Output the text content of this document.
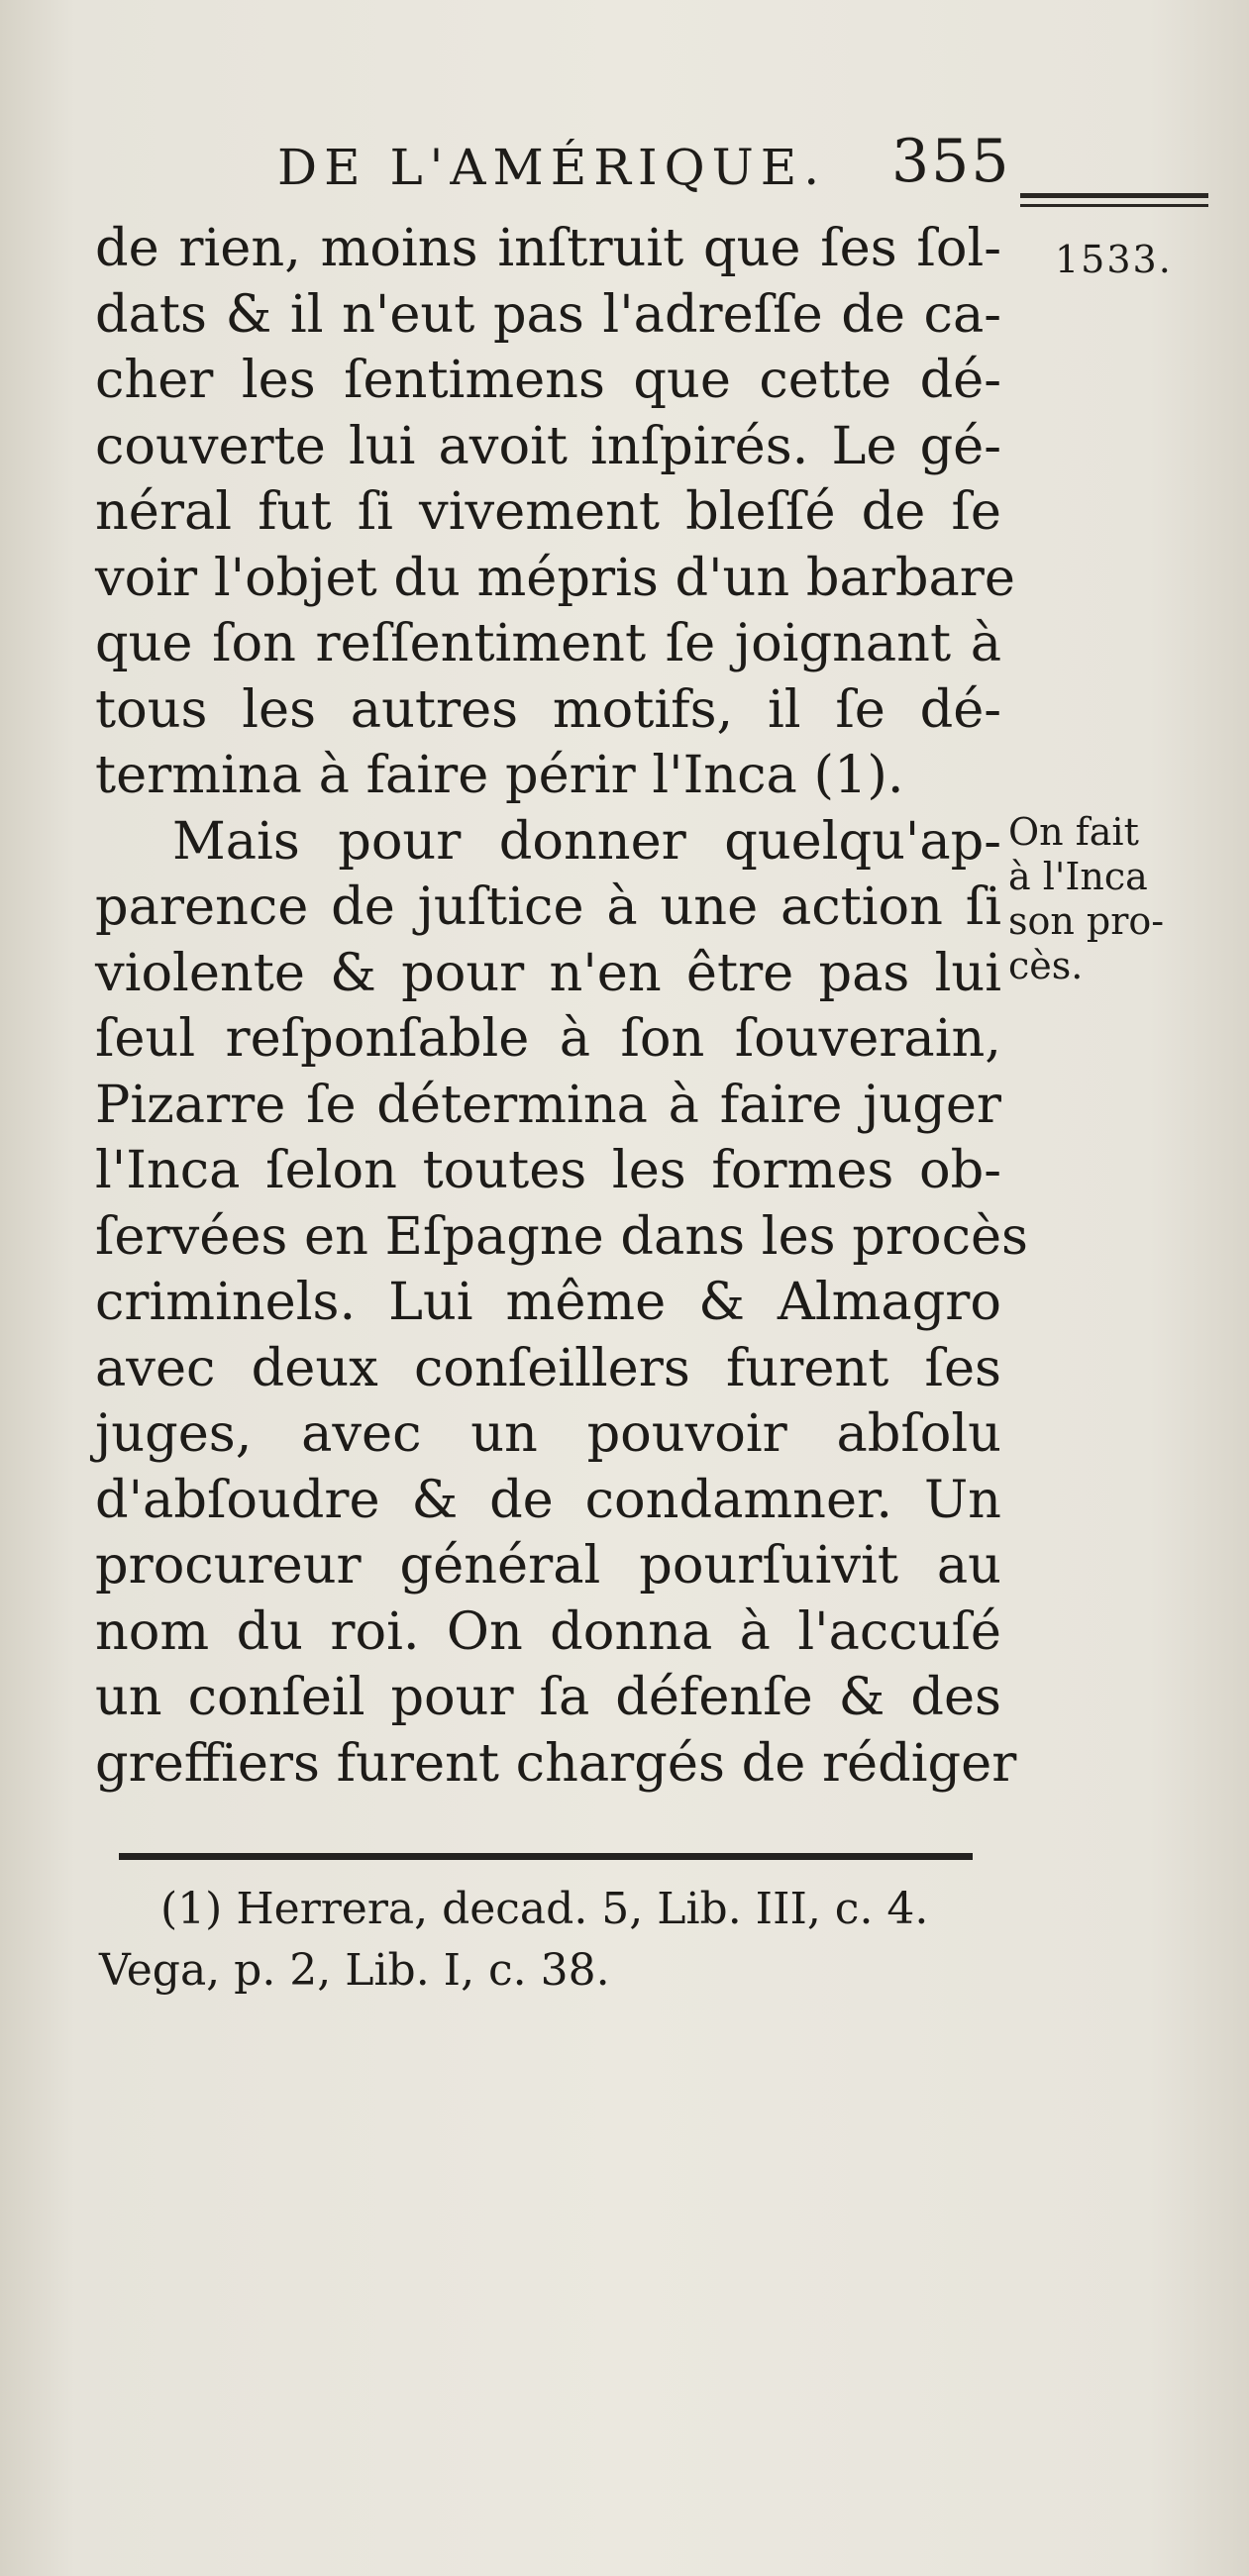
DE L'AMÉRIQUE. 355
1533.
On fait
à l'Inca
son pro-
cès.
de rien, moins inſtruit que ſes ſol-
dats & il n'eut pas l'adreſſe de ca-
cher les ſentimens que cette dé-
couverte lui avoit inſpirés. Le gé-
néral fut ſi vivement bleſſé de ſe
voir l'objet du mépris d'un barbare
que ſon reſſentiment ſe joignant à
tous les autres motifs, il ſe dé-
termina à faire périr l'Inca (1).
Mais pour donner quelqu'ap-
parence de juſtice à une action ſi
violente & pour n'en être pas lui
ſeul reſponſable à ſon ſouverain,
Pizarre ſe détermina à faire juger
l'Inca ſelon toutes les formes ob-
ſervées en Eſpagne dans les procès
criminels. Lui même & Almagro
avec deux conſeillers furent ſes
juges, avec un pouvoir abſolu
d'abſoudre & de condamner. Un
procureur général pourſuivit au
nom du roi. On donna à l'accuſé
un conſeil pour ſa défenſe & des
greffiers furent chargés de rédiger
(1) Herrera, decad. 5, Lib. III, c. 4.
Vega, p. 2, Lib. I, c. 38.
